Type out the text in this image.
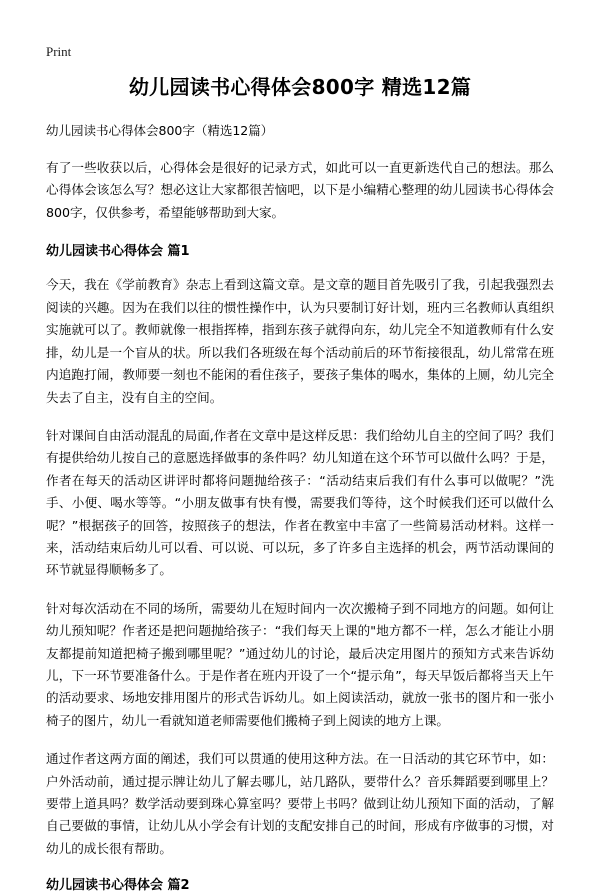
Print
幼儿园读书心得体会800字 精选12篇
幼儿园读书心得体会800字（精选12篇）

有了一些收获以后，心得体会是很好的记录方式，如此可以一直更新迭代自己的想法。那么心得体会该怎么写？想必这让大家都很苦恼吧，以下是小编精心整理的幼儿园读书心得体会800字，仅供参考，希望能够帮助到大家。

幼儿园读书心得体会 篇1

今天，我在《学前教育》杂志上看到这篇文章。是文章的题目首先吸引了我，引起我强烈去阅读的兴趣。因为在我们以往的惯性操作中，认为只要制订好计划，班内三名教师认真组织实施就可以了。教师就像一根指挥棒，指到东孩子就得向东，幼儿完全不知道教师有什么安排，幼儿是一个盲从的状。所以我们各班级在每个活动前后的环节衔接很乱，幼儿常常在班内追跑打闹，教师要一刻也不能闲的看住孩子，要孩子集体的喝水，集体的上厕，幼儿完全失去了自主，没有自主的空间。

针对课间自由活动混乱的局面,作者在文章中是这样反思：我们给幼儿自主的空间了吗？我们有提供给幼儿按自己的意愿选择做事的条件吗？幼儿知道在这个环节可以做什么吗？于是，作者在每天的活动区讲评时都将问题抛给孩子：“活动结束后我们有什么事可以做呢？”洗手、小便、喝水等等。“小朋友做事有快有慢，需要我们等待，这个时候我们还可以做什么呢？”根据孩子的回答，按照孩子的想法，作者在教室中丰富了一些简易活动材料。这样一来，活动结束后幼儿可以看、可以说、可以玩，多了许多自主选择的机会，两节活动课间的环节就显得顺畅多了。

针对每次活动在不同的场所，需要幼儿在短时间内一次次搬椅子到不同地方的问题。如何让幼儿预知呢？作者还是把问题抛给孩子：“我们每天上课的"地方都不一样，怎么才能让小朋友都提前知道把椅子搬到哪里呢？”通过幼儿的讨论，最后决定用图片的预知方式来告诉幼儿，下一环节要准备什么。于是作者在班内开设了一个“提示角”，每天早饭后都将当天上午的活动要求、场地安排用图片的形式告诉幼儿。如上阅读活动，就放一张书的图片和一张小椅子的图片，幼儿一看就知道老师需要他们搬椅子到上阅读的地方上课。

通过作者这两方面的阐述，我们可以贯通的使用这种方法。在一日活动的其它环节中，如：户外活动前，通过提示牌让幼儿了解去哪儿，站几路队，要带什么？音乐舞蹈要到哪里上？要带上道具吗？数学活动要到珠心算室吗？要带上书吗？做到让幼儿预知下面的活动，了解自己要做的事情，让幼儿从小学会有计划的支配安排自己的时间，形成有序做事的习惯，对幼儿的成长很有帮助。

幼儿园读书心得体会 篇2
